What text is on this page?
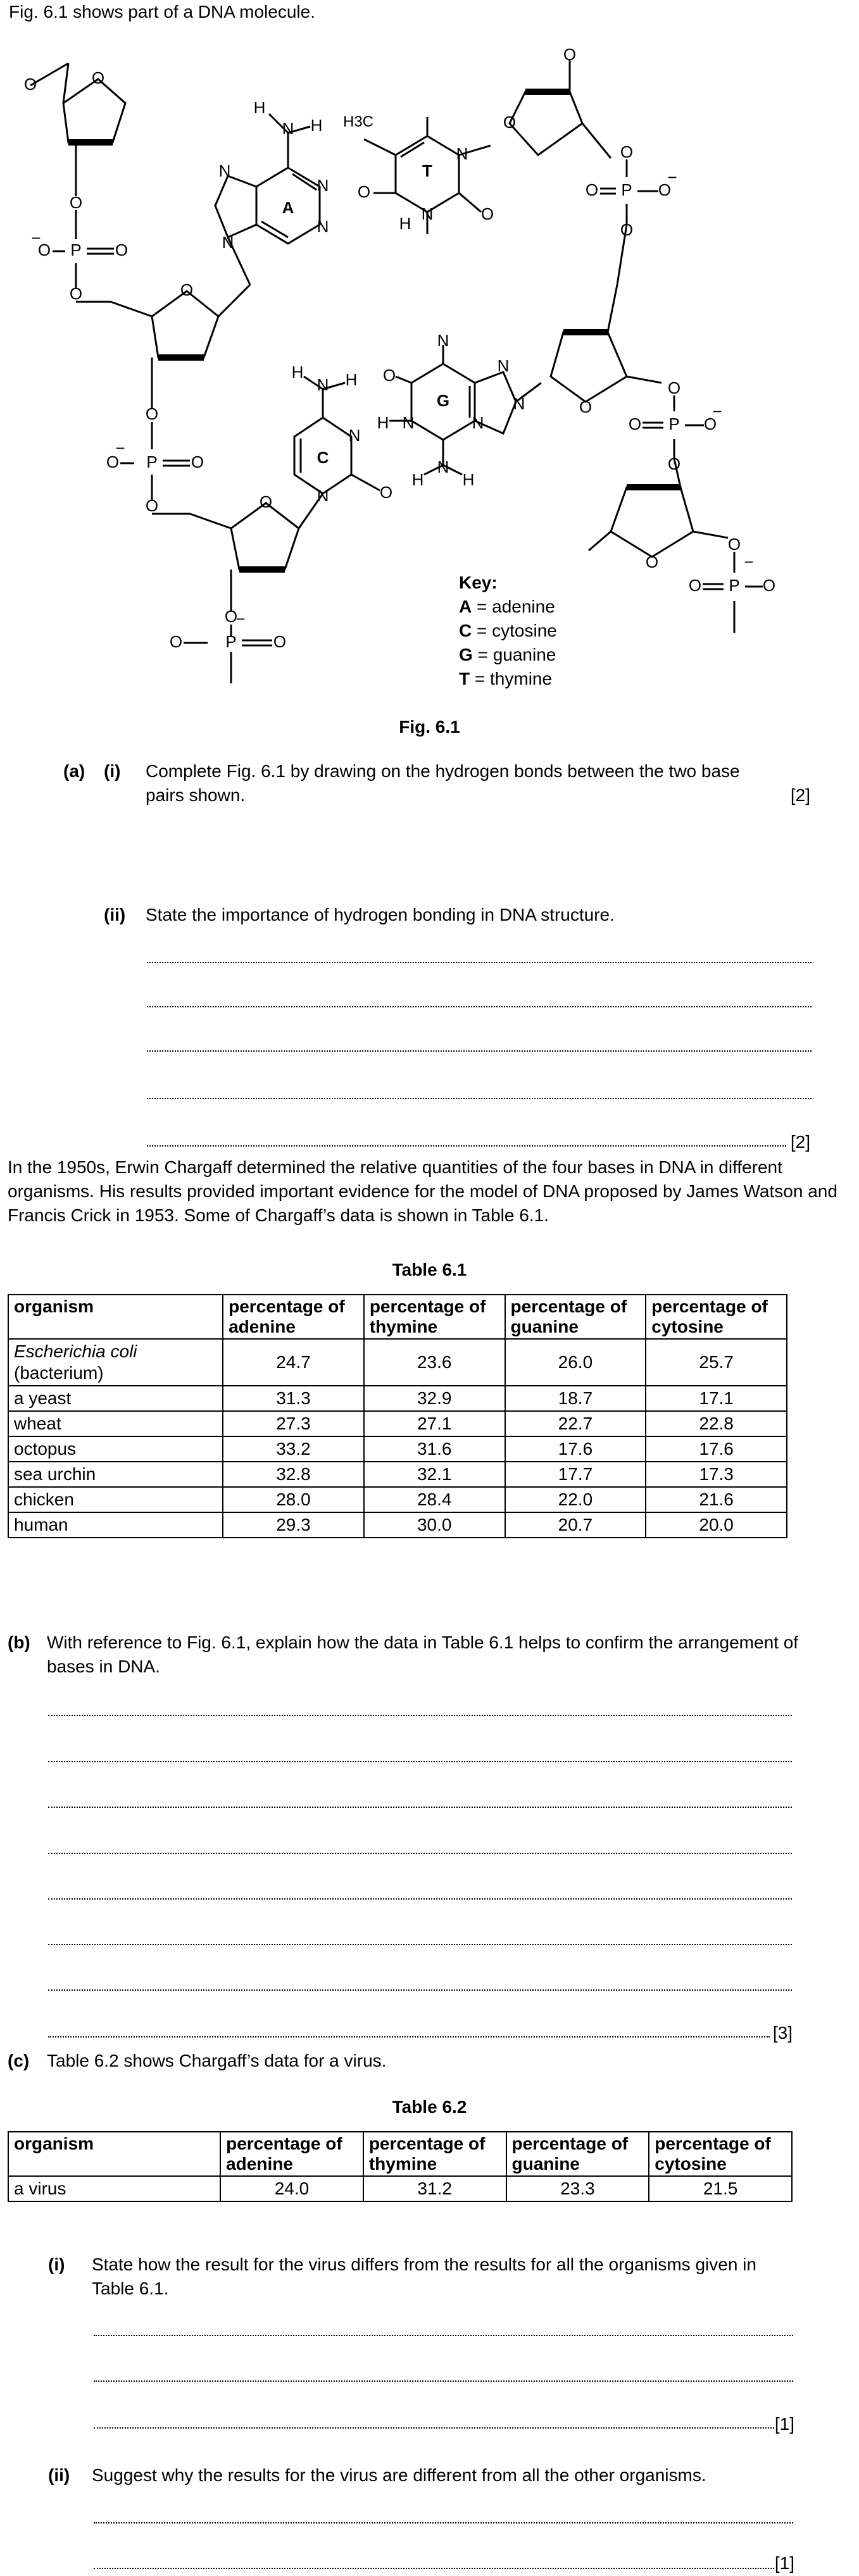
Fig. 6.1 shows part of a DNA molecule.
O	O
O
O P O
O
−
O
O
O P O
O
−
O
O
O	P O
−
H
H
N
N
N
N
N
A
H	H
N
N
N	O
C
H3C
O
N
N
H	O
T
O
O
O
O P O
−
O
N
O
N
H	N
N
H H
N
N
G	O
O
O P O
−
O
O
O
O P O
−
Key:
A = adenine
C = cytosine
G = guanine
T = thymine
Fig. 6.1
(a) (i) Complete Fig. 6.1 by drawing on the hydrogen bonds between the two base pairs shown.	[2]
(ii) State the importance of hydrogen bonding in DNA structure.
[2]
In the 1950s, Erwin Chargaff determined the relative quantities of the four bases in DNA in different organisms. His results provided important evidence for the model of DNA proposed by James Watson and Francis Crick in 1953. Some of Chargaff’s data is shown in Table 6.1.
Table 6.1
organism	percentage of adenine	percentage of thymine	percentage of guanine	percentage of cytosine
Escherichia coli
(bacterium)	24.7	23.6	26.0	25.7
a yeast	31.3	32.9	18.7	17.1
wheat	27.3	27.1	22.7	22.8
octopus	33.2	31.6	17.6	17.6
sea urchin	32.8	32.1	17.7	17.3
chicken	28.0	28.4	22.0	21.6
human	29.3	30.0	20.7	20.0
(b) With reference to Fig. 6.1, explain how the data in Table 6.1 helps to confirm the arrangement of bases in DNA.
[3]
(c) Table 6.2 shows Chargaff’s data for a virus.
Table 6.2
organism	percentage of adenine	percentage of thymine	percentage of guanine	percentage of cytosine
a virus	24.0	31.2	23.3	21.5
(i) State how the result for the virus differs from the results for all the organisms given in Table 6.1.
[1]
(ii) Suggest why the results for the virus are different from all the other organisms.
[1]
